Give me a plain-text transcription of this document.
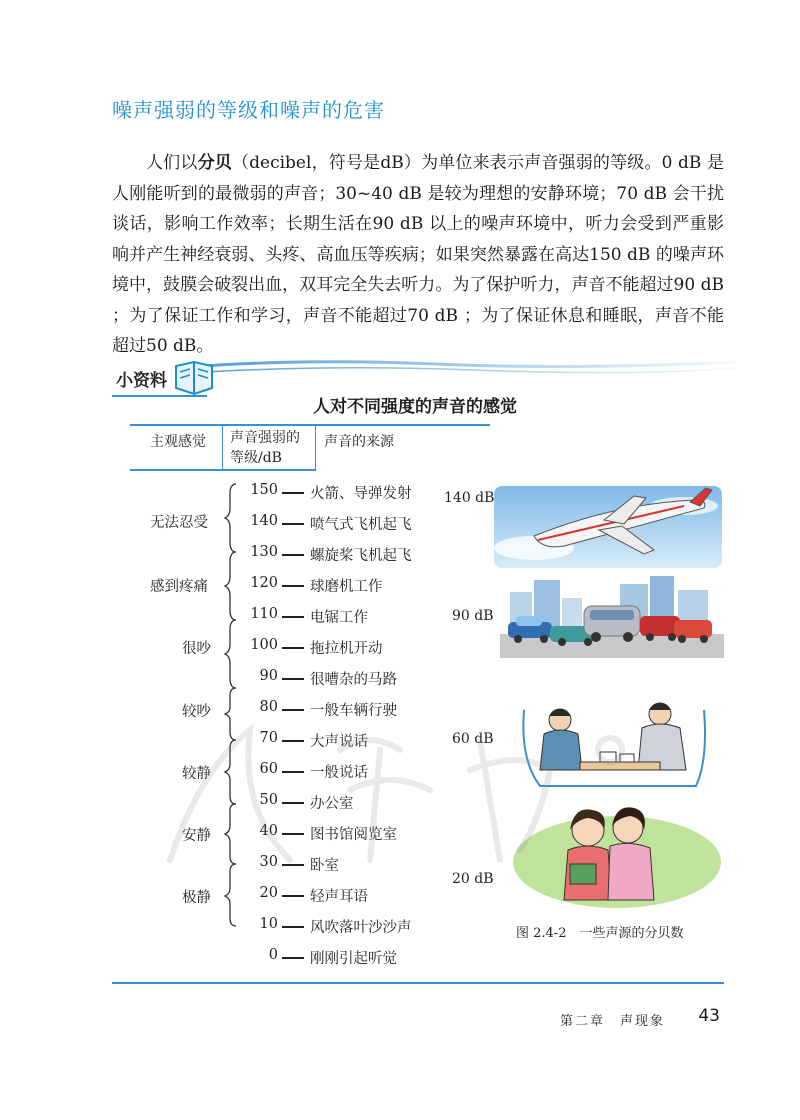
噪声强弱的等级和噪声的危害
人们以分贝（decibel，符号是dB）为单位来表示声音强弱的等级。0 dB 是人刚能听到的最微弱的声音；30~40 dB 是较为理想的安静环境；70 dB 会干扰谈话，影响工作效率；长期生活在90 dB 以上的噪声环境中，听力会受到严重影响并产生神经衰弱、头疼、高血压等疾病；如果突然暴露在高达150 dB 的噪声环境中，鼓膜会破裂出血，双耳完全失去听力。为了保护听力，声音不能超过90 dB ；为了保证工作和学习，声音不能超过70 dB ；为了保证休息和睡眠，声音不能超过50 dB。
小资料
人对不同强度的声音的感觉
主观感觉 声音强弱的
等级/dB
声音的来源
150 火箭、导弹发射
140 喷气式飞机起飞
130 螺旋桨飞机起飞
120 球磨机工作
110 电锯工作
100 拖拉机开动
90 很嘈杂的马路
80 一般车辆行驶
70 大声说话
60 一般说话
50 办公室
40 图书馆阅览室
30 卧室
20 轻声耳语
10 风吹落叶沙沙声
0 刚刚引起听觉
无法忍受
感到疼痛
很吵
较吵
较静
安静
极静
140 dB
90 dB
60 dB
20 dB
图 2.4-2　一些声源的分贝数
第二章　声现象 43
